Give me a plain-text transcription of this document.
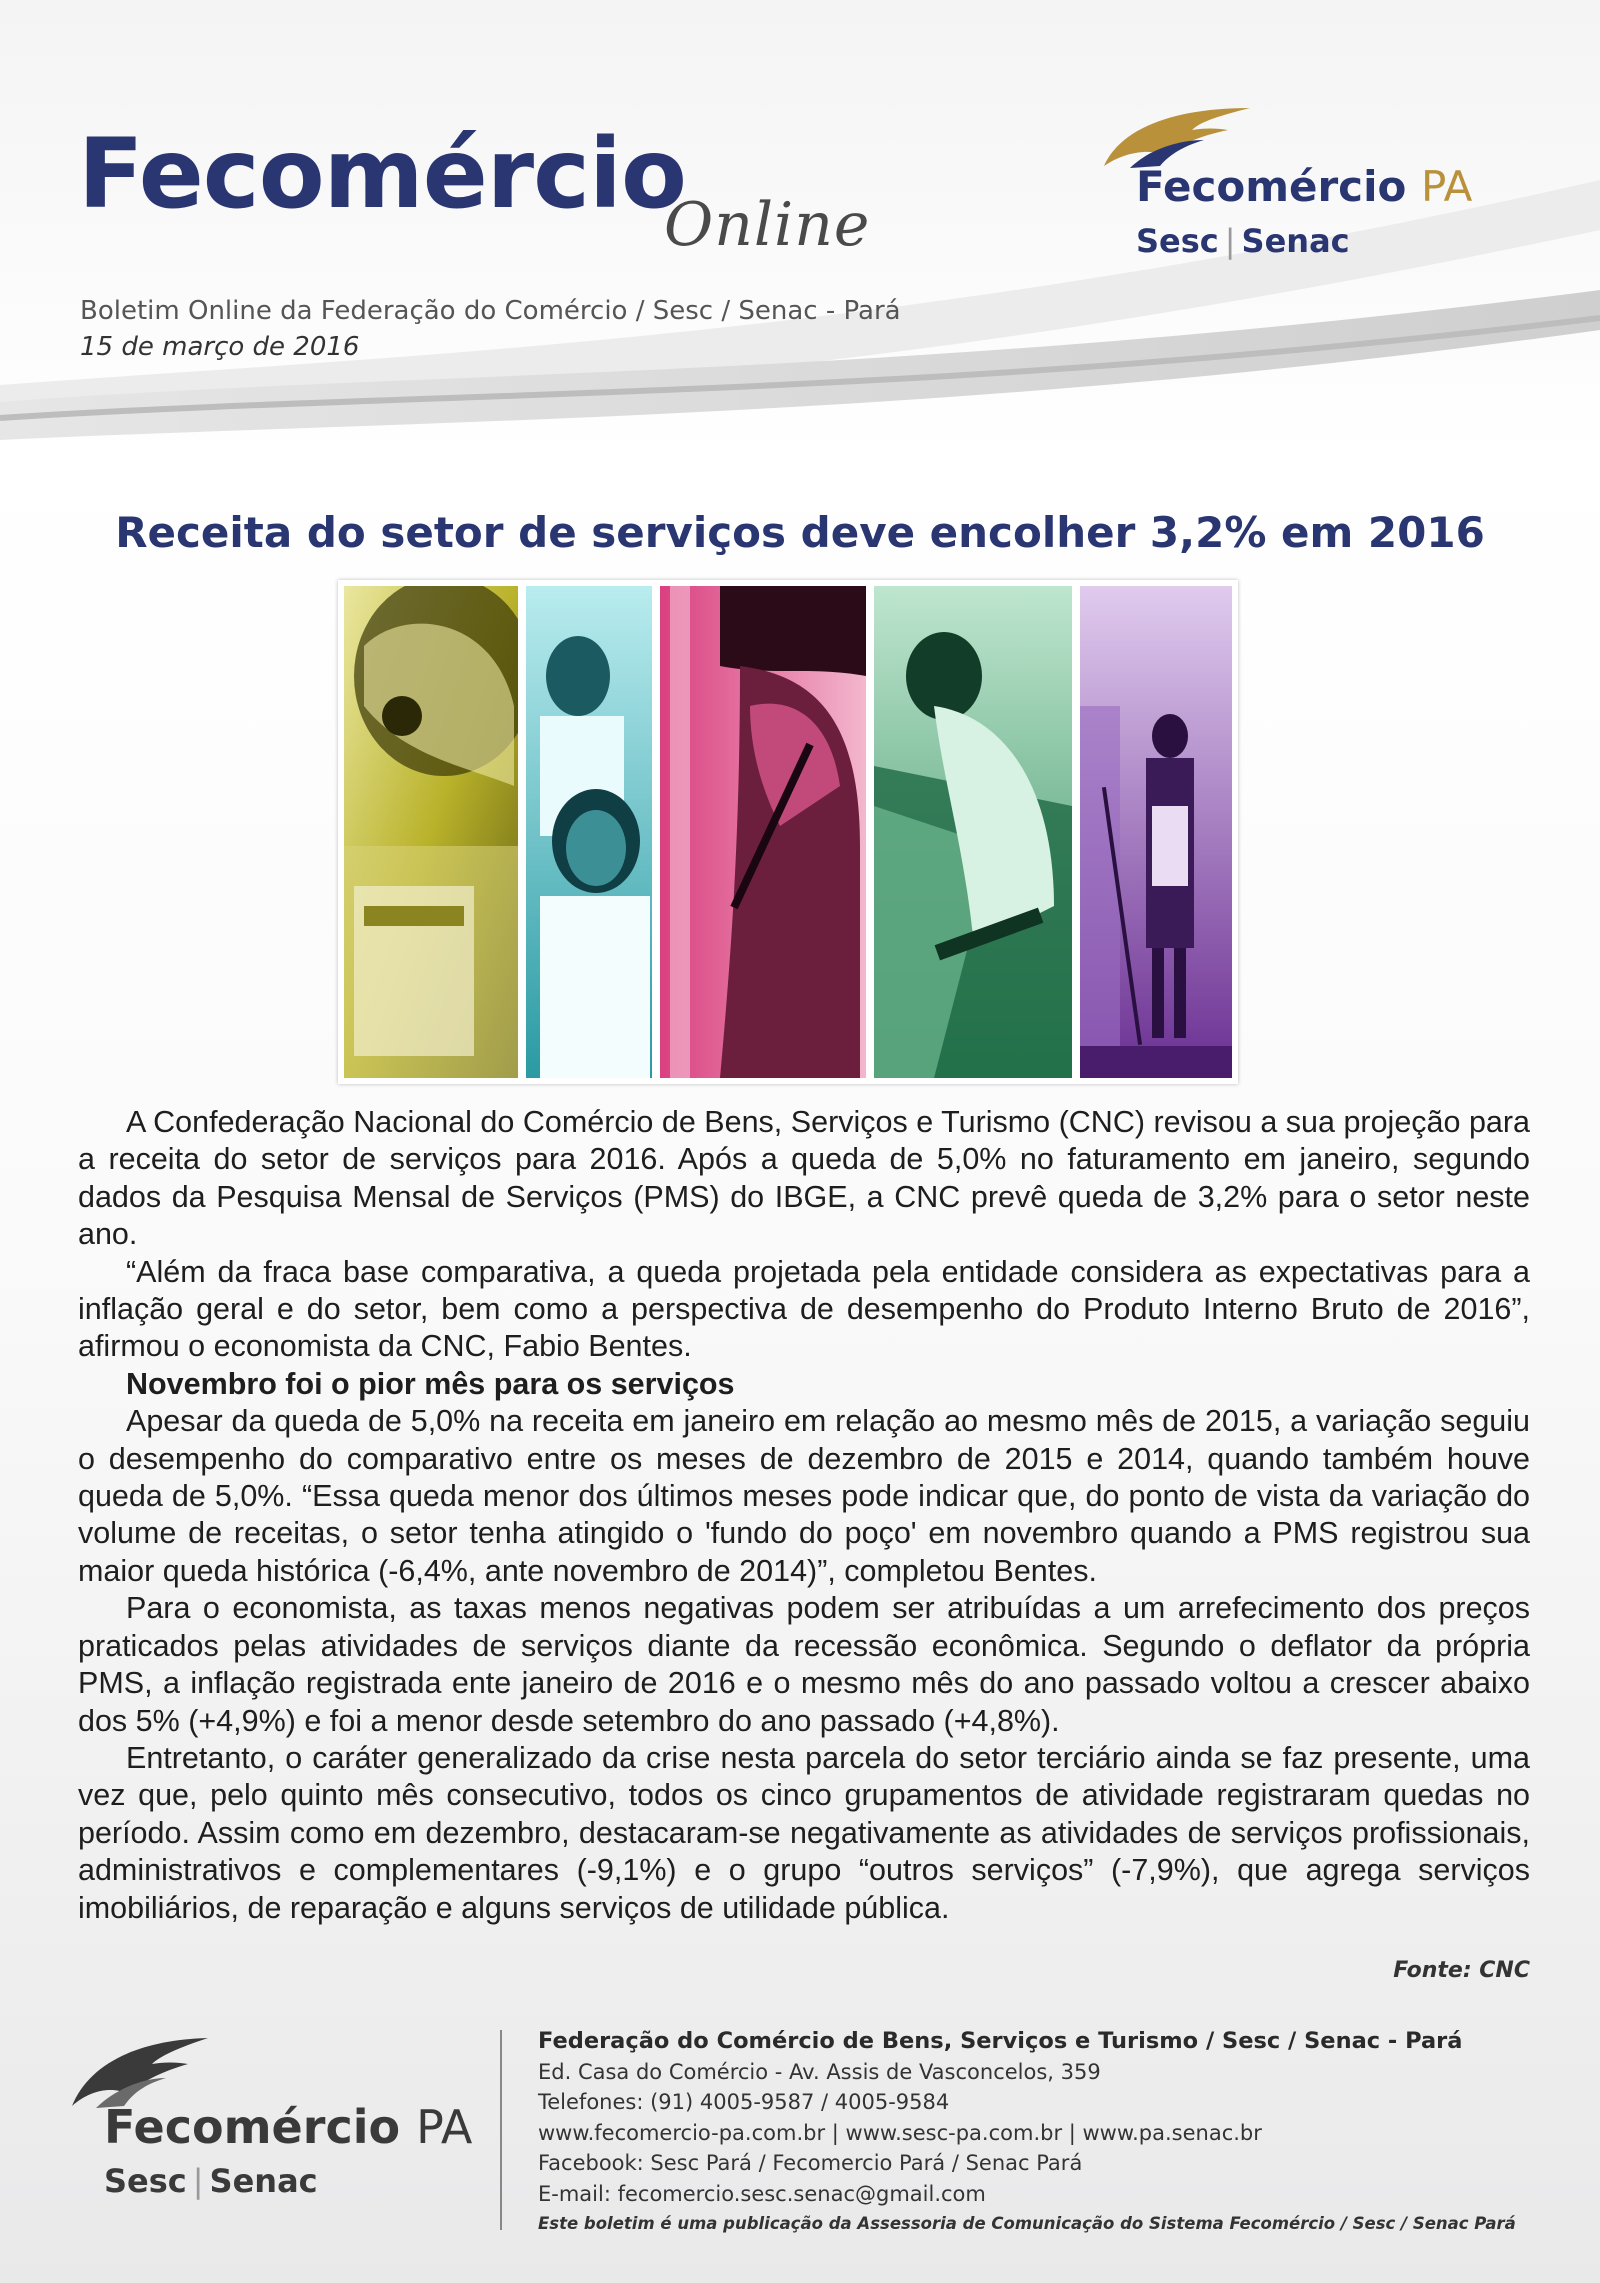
Fecomércio
Online
Boletim Online da Federação do Comércio / Sesc / Senac - Pará
15 de março de 2016
Fecomércio PA
Sesc | Senac
Receita do setor de serviços deve encolher 3,2% em 2016

A Confederação Nacional do Comércio de Bens, Serviços e Turismo (CNC) revisou a sua projeção para a receita do setor de serviços para 2016. Após a queda de 5,0% no faturamento em janeiro, segundo dados da Pesquisa Mensal de Serviços (PMS) do IBGE, a CNC prevê queda de 3,2% para o setor neste ano.

“Além da fraca base comparativa, a queda projetada pela entidade considera as expectativas para a inflação geral e do setor, bem como a perspectiva de desempenho do Produto Interno Bruto de 2016”, afirmou o economista da CNC, Fabio Bentes.

Novembro foi o pior mês para os serviços

Apesar da queda de 5,0% na receita em janeiro em relação ao mesmo mês de 2015, a variação seguiu o desempenho do comparativo entre os meses de dezembro de 2015 e 2014, quando também houve queda de 5,0%. “Essa queda menor dos últimos meses pode indicar que, do ponto de vista da variação do volume de receitas, o setor tenha atingido o 'fundo do poço' em novembro quando a PMS registrou sua maior queda histórica (-6,4%, ante novembro de 2014)”, completou Bentes.

Para o economista, as taxas menos negativas podem ser atribuídas a um arrefecimento dos preços praticados pelas atividades de serviços diante da recessão econômica. Segundo o deflator da própria PMS, a inflação registrada ente janeiro de 2016 e o mesmo mês do ano passado voltou a crescer abaixo dos 5% (+4,9%) e foi a menor desde setembro do ano passado (+4,8%).

Entretanto, o caráter generalizado da crise nesta parcela do setor terciário ainda se faz presente, uma vez que, pelo quinto mês consecutivo, todos os cinco grupamentos de atividade registraram quedas no período. Assim como em dezembro, destacaram-se negativamente as atividades de serviços profissionais, administrativos e complementares (-9,1%) e o grupo “outros serviços” (-7,9%), que agrega serviços imobiliários, de reparação e alguns serviços de utilidade pública.

Fonte: CNC
Fecomércio PA
Sesc | Senac
Federação do Comércio de Bens, Serviços e Turismo / Sesc / Senac - Pará
Ed. Casa do Comércio - Av. Assis de Vasconcelos, 359
Telefones: (91) 4005-9587 / 4005-9584
www.fecomercio-pa.com.br | www.sesc-pa.com.br | www.pa.senac.br
Facebook: Sesc Pará / Fecomercio Pará / Senac Pará
E-mail: fecomercio.sesc.senac@gmail.com
Este boletim é uma publicação da Assessoria de Comunicação do Sistema Fecomércio / Sesc / Senac Pará
